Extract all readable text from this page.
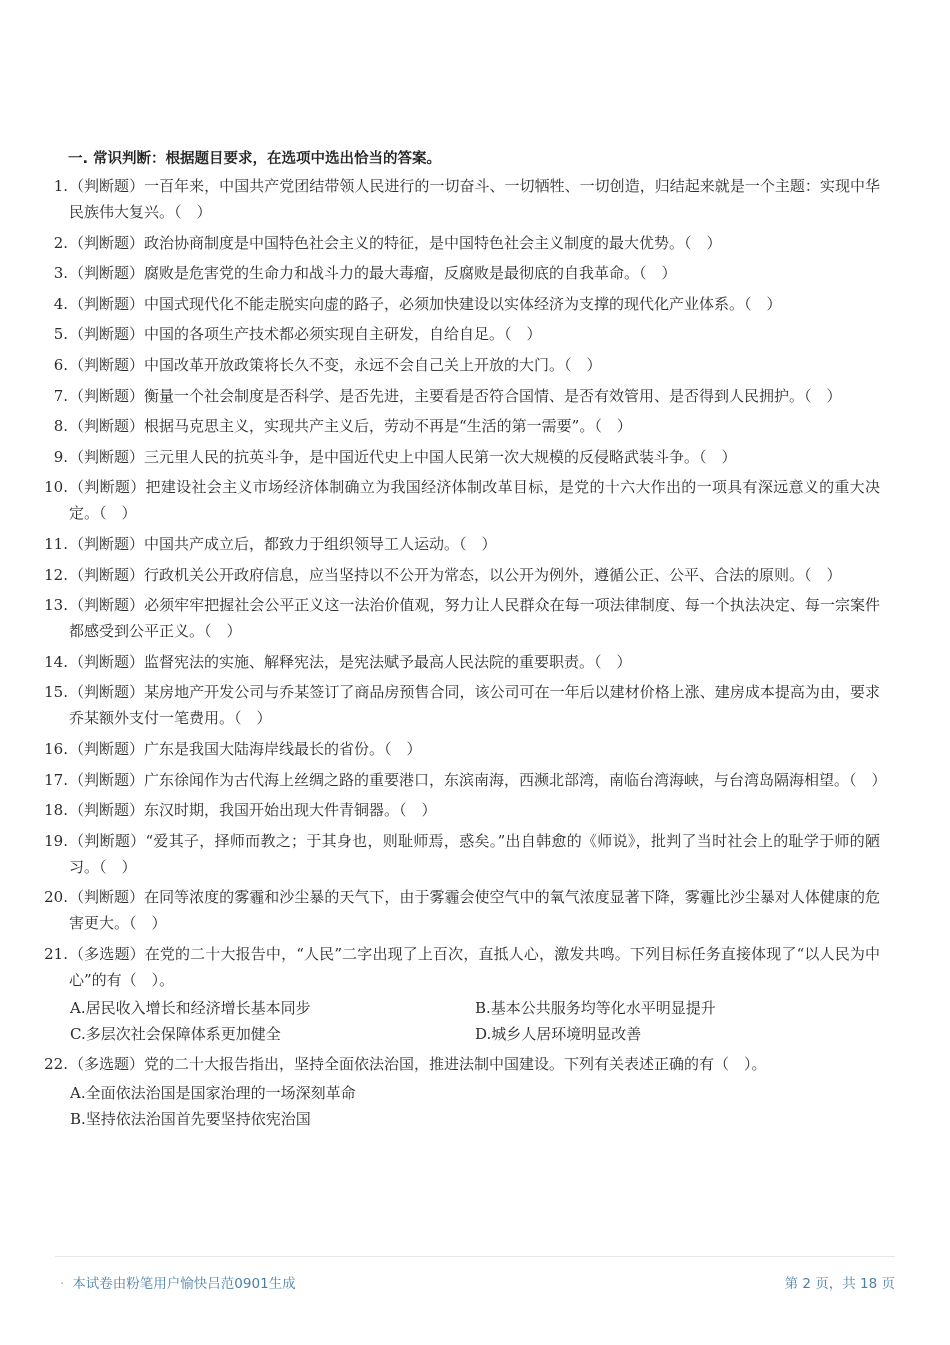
一. 常识判断：根据题目要求，在选项中选出恰当的答案。
1. （判断题）一百年来，中国共产党团结带领人民进行的一切奋斗、一切牺牲、一切创造，归结起来就是一个主题：实现中华民族伟大复兴。（　）
2. （判断题）政治协商制度是中国特色社会主义的特征，是中国特色社会主义制度的最大优势。（　）
3. （判断题）腐败是危害党的生命力和战斗力的最大毒瘤，反腐败是最彻底的自我革命。（　）
4. （判断题）中国式现代化不能走脱实向虚的路子，必须加快建设以实体经济为支撑的现代化产业体系。（　）
5. （判断题）中国的各项生产技术都必须实现自主研发，自给自足。（　）
6. （判断题）中国改革开放政策将长久不变，永远不会自己关上开放的大门。（　）
7. （判断题）衡量一个社会制度是否科学、是否先进，主要看是否符合国情、是否有效管用、是否得到人民拥护。（　）
8. （判断题）根据马克思主义，实现共产主义后，劳动不再是“生活的第一需要”。（　）
9. （判断题）三元里人民的抗英斗争，是中国近代史上中国人民第一次大规模的反侵略武装斗争。（　）
10. （判断题）把建设社会主义市场经济体制确立为我国经济体制改革目标，是党的十六大作出的一项具有深远意义的重大决定。（　）
11. （判断题）中国共产成立后，都致力于组织领导工人运动。（　）
12. （判断题）行政机关公开政府信息，应当坚持以不公开为常态，以公开为例外，遵循公正、公平、合法的原则。（　）
13. （判断题）必须牢牢把握社会公平正义这一法治价值观，努力让人民群众在每一项法律制度、每一个执法决定、每一宗案件都感受到公平正义。（　）
14. （判断题）监督宪法的实施、解释宪法，是宪法赋予最高人民法院的重要职责。（　）
15. （判断题）某房地产开发公司与乔某签订了商品房预售合同，该公司可在一年后以建材价格上涨、建房成本提高为由，要求乔某额外支付一笔费用。（　）
16. （判断题）广东是我国大陆海岸线最长的省份。（　）
17. （判断题）广东徐闻作为古代海上丝绸之路的重要港口，东滨南海，西濒北部湾，南临台湾海峡，与台湾岛隔海相望。（　）
18. （判断题）东汉时期，我国开始出现大件青铜器。（　）
19. （判断题）“爱其子，择师而教之；于其身也，则耻师焉，惑矣。”出自韩愈的《师说》，批判了当时社会上的耻学于师的陋习。（　）
20. （判断题）在同等浓度的雾霾和沙尘暴的天气下，由于雾霾会使空气中的氧气浓度显著下降，雾霾比沙尘暴对人体健康的危害更大。（　）
21. （多选题）在党的二十大报告中，“人民”二字出现了上百次，直抵人心，激发共鸣。下列目标任务直接体现了“以人民为中心”的有（　）。
A.居民收入增长和经济增长基本同步	B.基本公共服务均等化水平明显提升
C.多层次社会保障体系更加健全	D.城乡人居环境明显改善
22. （多选题）党的二十大报告指出，坚持全面依法治国，推进法制中国建设。下列有关表述正确的有（　）。
A.全面依法治国是国家治理的一场深刻革命
B.坚持依法治国首先要坚持依宪治国
· 本试卷由粉笔用户愉快吕范0901生成	第 2 页，共 18 页
